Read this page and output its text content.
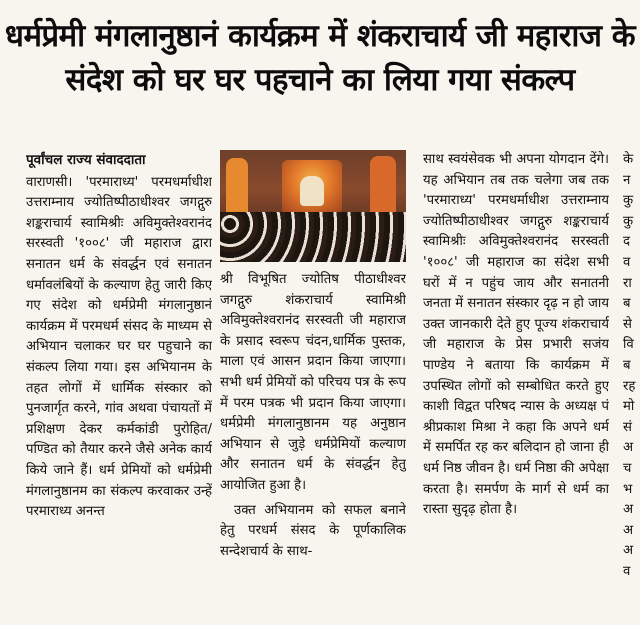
धर्मप्रेमी मंगलानुष्ठानं कार्यक्रम में शंकराचार्य जी महाराज के
संदेश को घर घर पहचाने का लिया गया संकल्प

पूर्वांचल राज्य संवाददाता

वाराणसी। 'परमाराध्य' परमधर्माधीश उत्तराम्नाय ज्योतिष्पीठाधीश्वर जगद्गुरु शङ्कराचार्य स्वामिश्रीः अविमुक्तेश्वरानंद सरस्वती '१००८' जी महाराज द्वारा सनातन धर्म के संवर्द्धन एवं सनातन धर्मावलंबियों के कल्याण हेतु जारी किए गए संदेश को धर्मप्रेमी मंगलानुष्ठानं कार्यक्रम में परमधर्म संसद के माध्यम से अभियान चलाकर घर घर पहुचाने का संकल्प लिया गया। इस अभियानम के तहत लोगों में धार्मिक संस्कार को पुनजार्गृत करने, गांव अथवा पंचायतों में प्रशिक्षण देकर कर्मकांडी पुरोहित/पण्डित को तैयार करने जैसे अनेक कार्य किये जाने हैं। धर्म प्रेमियों को धर्मप्रेमी मंगलानुष्ठानम का संकल्प करवाकर उन्हें परमाराध्य अनन्त

श्री विभूषित ज्योतिष पीठाधीश्वर जगद्गुरु शंकराचार्य स्वामिश्री अविमुक्तेश्वरानंद सरस्वती जी महाराज के प्रसाद स्वरूप चंदन,धार्मिक पुस्तक, माला एवं आसन प्रदान किया जाएगा। सभी धर्म प्रेमियों को परिचय पत्र के रूप में परम पत्रक भी प्रदान किया जाएगा। धर्मप्रेमी मंगलानुष्ठानम यह अनुष्ठान अभियान से जुड़े धर्मप्रेमियों कल्याण और सनातन धर्म के संवर्द्धन हेतु आयोजित हुआ है।

उक्त अभियानम को सफल बनाने हेतु परधर्म संसद के पूर्णकालिक सन्देशचार्य के साथ-

साथ स्वयंसेवक भी अपना योगदान देंगे। यह अभियान तब तक चलेगा जब तक 'परमाराध्य' परमधर्माधीश उत्तराम्नाय ज्योतिष्पीठाधीश्वर जगद्गुरु शङ्कराचार्य स्वामिश्रीः अविमुक्तेश्वरानंद सरस्वती '१००८' जी महाराज का संदेश सभी घरों में न पहुंच जाय और सनातनी जनता में सनातन संस्कार दृढ़ न हो जाय उक्त जानकारी देते हुए पूज्य शंकराचार्य जी महाराज के प्रेस प्रभारी सजंय पाण्डेय ने बताया कि कार्यक्रम में उपस्थित लोगों को सम्बोधित करते हुए काशी विद्वत परिषद न्यास के अध्यक्ष पं श्रीप्रकाश मिश्रा ने कहा कि अपने धर्म में समर्पित रह कर बलिदान हो जाना ही धर्म निष्ठ जीवन है। धर्म निष्ठा की अपेक्षा करता है। समर्पण के मार्ग से धर्म का रास्ता सुदृढ़ होता है।

के
न
कु
कु
द
व
रा
ब
से
वि
ब
रह
मो
सं
अ
च
भ
अ
अ
अ
व
